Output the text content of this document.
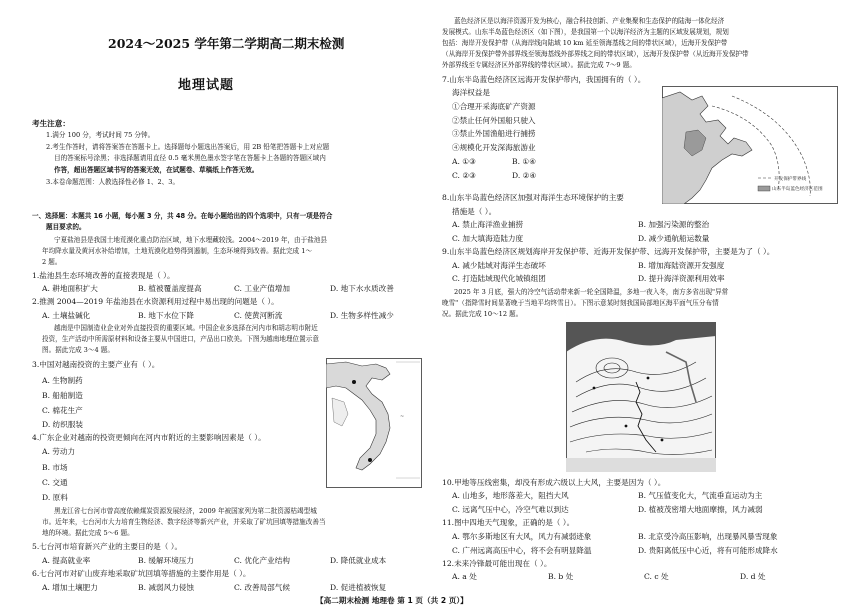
2024～2025 学年第二学期高二期末检测
地理试题
考生注意：
1.满分 100 分，考试时间 75 分钟。
2.考生作答时，请将答案答在答题卡上。选择题每小题选出答案后，用 2B 铅笔把答题卡上对应题
目的答案标号涂黑；非选择题请用直径 0.5 毫米黑色墨水签字笔在答题卡上各题的答题区域内
作答，超出答题区域书写的答案无效，在试题卷、草稿纸上作答无效。
3.本卷命题范围：人教选择性必修 1、2、3。
一、选择题：本题共 16 小题，每小题 3 分，共 48 分。在每小题给出的四个选项中，只有一项是符合
题目要求的。
宁夏盐池县是我国土地荒漠化重点防治区域，地下水埋藏较浅。2004～2019 年，由于盐池县
年均降水量及黄河水补给增加，土地荒漠化趋势得到遏制，生态环境得到改善。据此完成 1～
2 题。
1.盐池县生态环境改善的直接表现是（ ）。
A. 耕地面积扩大	B. 植被覆盖度提高	C. 工业产值增加	D. 地下水水质改善
2.推测 2004—2019 年盐池县在水资源利用过程中易出现的问题是（ ）。
A. 土壤盐碱化	B. 地下水位下降	C. 使黄河断流	D. 生物多样性减少
越南是中国制造业企业对外直接投资的重要区域。中国企业多选择在河内市和胡志明市附近
投资，生产活动中所需原材料和设备主要从中国进口，产品出口欧美。下图为越南地理位置示意
图。据此完成 3～4 题。
3.中国对越南投资的主要产业有（ ）。
A. 生物制药
B. 船舶制造
C. 棉花生产
D. 纺织服装
4.广东企业对越南的投资更倾向在河内市附近的主要影响因素是（ ）。
A. 劳动力
B. 市场
C. 交通
D. 原料
黑龙江省七台河市曾高度依赖煤炭资源发展经济，2009 年被国家列为第二批资源枯竭型城
市。近年来，七台河市大力培育生物经济、数字经济等新兴产业，并采取了矿坑回填等措施改善当
地的环境。据此完成 5～6 题。
5.七台河市培育新兴产业的主要目的是（ ）。
A. 提高就业率	B. 缓解环境压力	C. 优化产业结构	D. 降低就业成本
6.七台河市对矿山废弃地采取矿坑回填等措施的主要作用是（ ）。
A. 增加土壤肥力	B. 减弱风力侵蚀	C. 改善局部气候	D. 促进植被恢复
~
蓝色经济区是以海洋资源开发为核心，融合科技创新、产业集聚和生态保护的陆海一体化经济
发展模式。山东半岛蓝色经济区（如下图），是我国第一个以海洋经济为主题的区域发展规划，规划
包括：海岸开发保护带（从海岸线向陆域 10 km 延至领海基线之间的带状区域），近海开发保护带
（从海岸开发保护带外部界线至领海基线外部界线之间的带状区域），远海开发保护带（从近海开发保护带
外部界线至专属经济区外部界线的带状区域）。据此完成 7～9 题。
7.山东半岛蓝色经济区远海开发保护带内，我国拥有的（ ）。
海洋权益是
①合理开采海底矿产资源
②禁止任何外国船只驶入
③禁止外国渔船进行捕捞
④规模化开发深海旅游业
A. ①③	B. ①④
C. ②③	D. ②④
8.山东半岛蓝色经济区加强对海洋生态环境保护的主要
措施是（ ）。
A. 禁止海洋渔业捕捞	B. 加强污染源的整治
C. 加大填海造陆力度	D. 减少通航船运数量
9.山东半岛蓝色经济区规划海岸开发保护带、近海开发保护带、远海开发保护带，主要是为了（ ）。
A. 减少陆域对海洋生态破坏	B. 增加海陆资源开发强度
C. 打造陆域现代化城镇组团	D. 提升海洋资源利用效率
2025 年 3 月底，强大的冷空气活动带来新一轮全国降温，多地一夜入冬，南方多省出现"异常
晚雪"（指降雪时间显著晚于当地平均终雪日）。下图示意某时刻我国局部地区海平面气压分布情
况。据此完成 10～12 题。
10.甲地等压线密集，却没有形成六级以上大风，主要是因为（ ）。
A. 山地多，地形落差大，阻挡大风	B. 气压值变化大，气流垂直运动为主
C. 远离气压中心，冷空气难以到达	D. 植被茂密增大地面摩擦，风力减弱
11.图中四地天气现象，正确的是（ ）。
A. 鄂尔多斯地区有大风，风力有减弱迹象	B. 北京受冷高压影响，出现暴风暴雪现象
C. 广州远离高压中心，将不会有明显降温	D. 贵阳离低压中心近，将有可能形成降水
12.未来冷锋最可能出现在（ ）。
A. a 处	B. b 处	C. c 处	D. d 处
开发保护带界线
山东半岛蓝色经济区范围
【高二期末检测 地理卷 第 1 页（共 2 页）】
